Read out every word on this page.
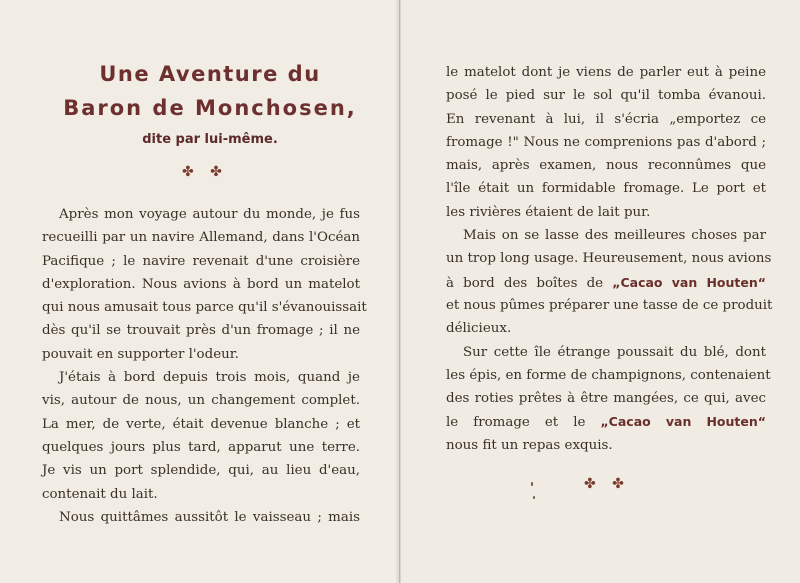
Une Aventure du
Baron de Monchosen,
dite par lui-même.
✤ ✤
Après mon voyage autour du monde, je fus
recueilli par un navire Allemand, dans l'Océan
Pacifique ; le navire revenait d'une croisière
d'exploration. Nous avions à bord un matelot
qui nous amusait tous parce qu'il s'évanouissait
dès qu'il se trouvait près d'un fromage ; il ne
pouvait en supporter l'odeur.
J'étais à bord depuis trois mois, quand je
vis, autour de nous, un changement complet.
La mer, de verte, était devenue blanche ; et
quelques jours plus tard, apparut une terre.
Je vis un port splendide, qui, au lieu d'eau,
contenait du lait.
Nous quittâmes aussitôt le vaisseau ; mais
le matelot dont je viens de parler eut à peine
posé le pied sur le sol qu'il tomba évanoui.
En revenant à lui, il s'écria „emportez ce
fromage !" Nous ne comprenions pas d'abord ;
mais, après examen, nous reconnûmes que
l'île était un formidable fromage. Le port et
les rivières étaient de lait pur.
Mais on se lasse des meilleures choses par
un trop long usage. Heureusement, nous avions
à bord des boîtes de „Cacao van Houten“
et nous pûmes préparer une tasse de ce produit
délicieux.
Sur cette île étrange poussait du blé, dont
les épis, en forme de champignons, contenaient
des roties prêtes à être mangées, ce qui, avec
le fromage et le „Cacao van Houten“
nous fit un repas exquis.
✤ ✤
